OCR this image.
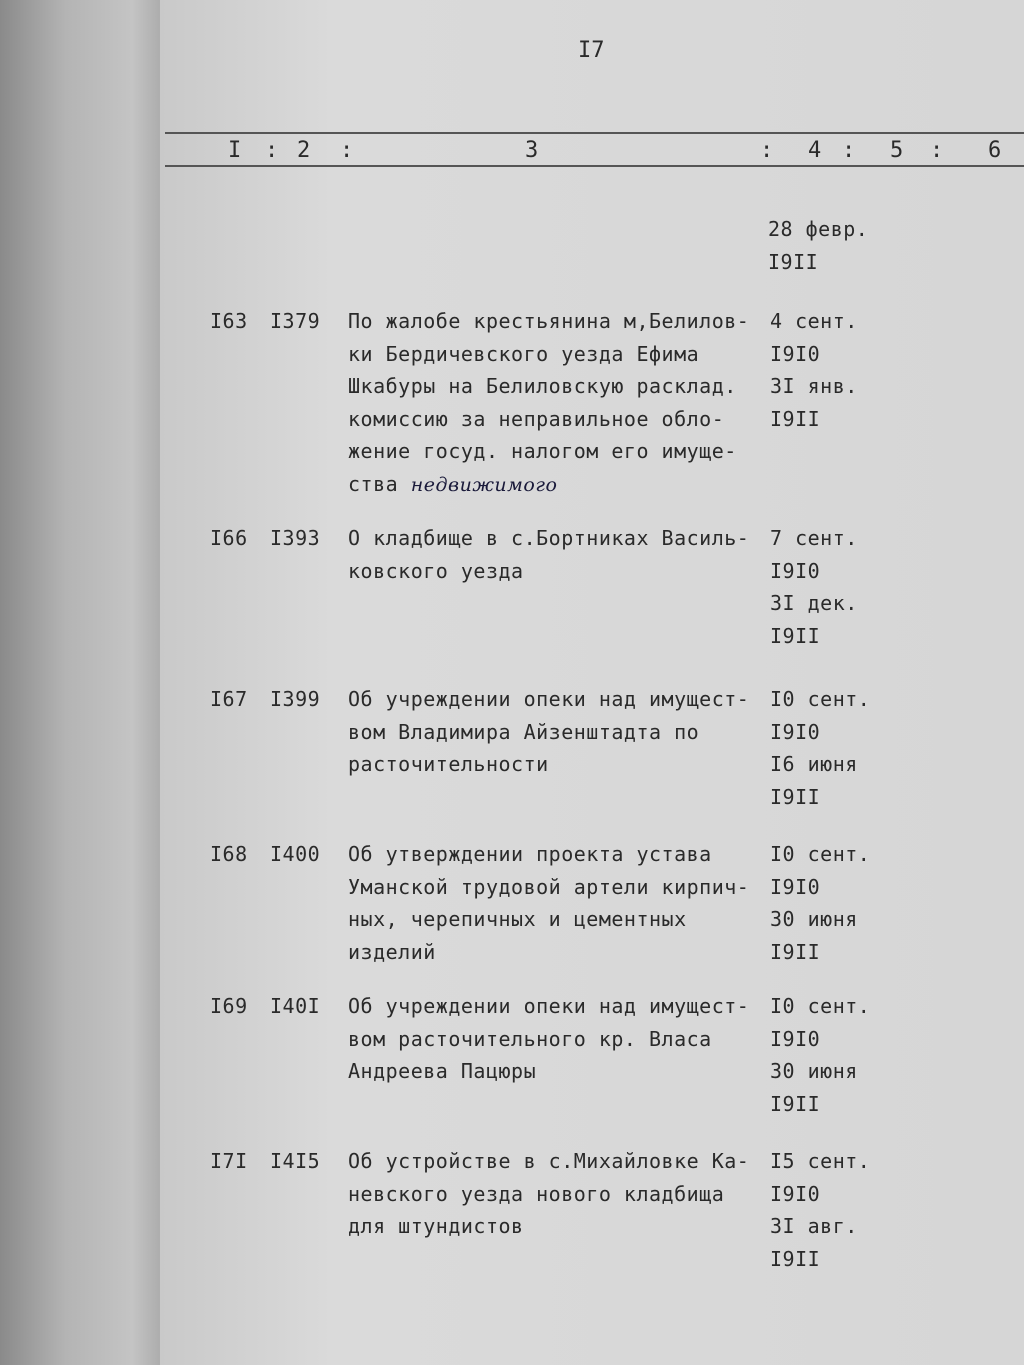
I7
I : 2 :	3	: 4 : 5 : 6
28 февр.
I9II
I63 I379 По жалобе крестьянина м,Белилов-
ки Бердичевского уезда Ефима
Шкабуры на Белиловскую расклад.
комиссию за неправильное обло-
жение госуд. налогом его имуще-
ства недвижимого
4 сент.
I9I0
3I янв.
I9II
I66 I393 О кладбище в с.Бортниках Василь-
ковского уезда
7 сент.
I9I0
3I дек.
I9II
I67 I399 Об учреждении опеки над имущест-
вом Владимира Айзенштадта по
расточительности
I0 сент.
I9I0
I6 июня
I9II
I68 I400 Об утверждении проекта устава
Уманской трудовой артели кирпич-
ных, черепичных и цементных
изделий
I0 сент.
I9I0
30 июня
I9II
I69 I40I Об учреждении опеки над имущест-
вом расточительного кр. Власа
Андреева Пацюры
I0 сент.
I9I0
30 июня
I9II
I7I I4I5 Об устройстве в с.Михайловке Ка-
невского уезда нового кладбища
для штундистов
I5 сент.
I9I0
3I авг.
I9II
